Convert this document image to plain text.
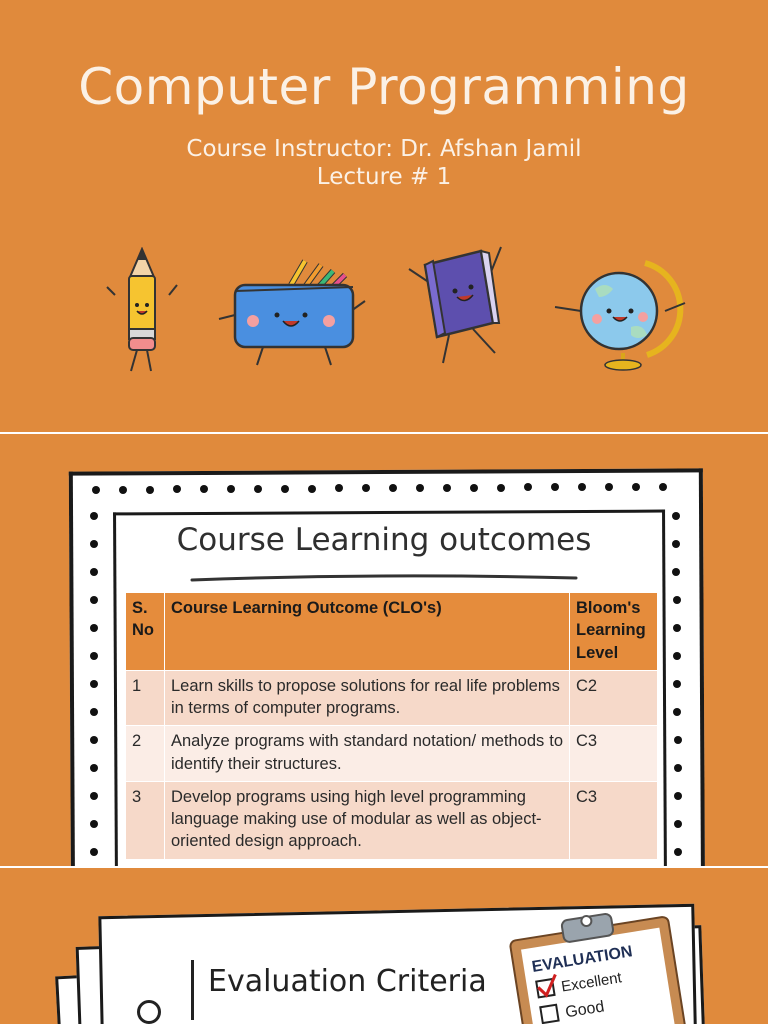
Computer Programming
Course Instructor: Dr. Afshan Jamil
Lecture # 1
Course Learning outcomes
S. No	Course Learning Outcome (CLO's)	Bloom's Learning Level
1	Learn skills to propose solutions for real life problems in terms of computer programs.	C2
2	Analyze programs with standard notation/ methods to identify their structures.	C3
3	Develop programs using high level programming language making use of modular as well as object-oriented design approach.	C3
Evaluation Criteria
EVALUATION
Excellent
Good
